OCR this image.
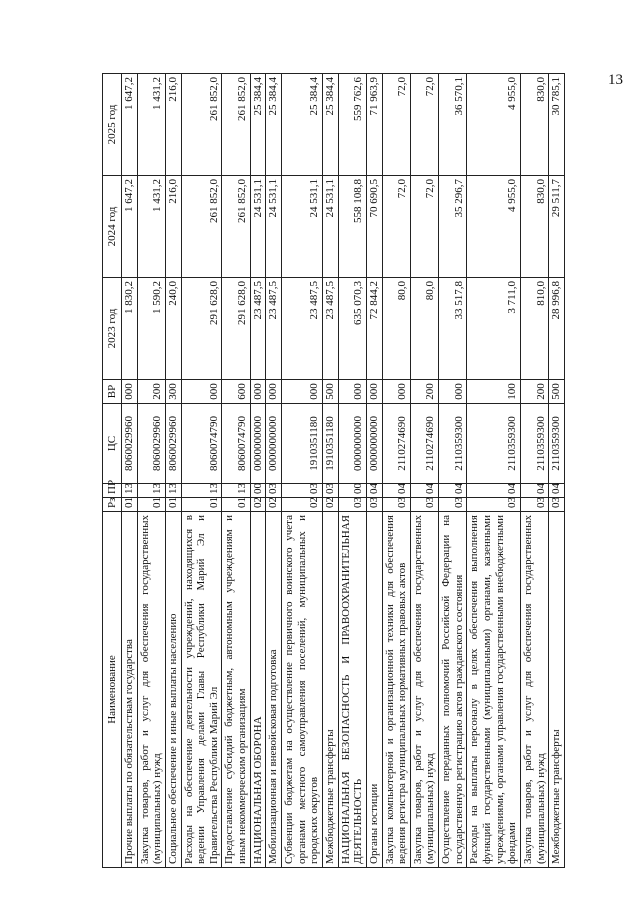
13
Наименование	Рз	ПР	ЦС	ВР	2023 год	2024 год	2025 год
Прочие выплаты по обязательствам государства	01	13	8060029960	000	1 830,2	1 647,2	1 647,2
Закупка товаров, работ и услуг для обеспечения государственных (муниципальных) нужд	01	13	8060029960	200	1 590,2	1 431,2	1 431,2
Социальное обеспечение и иные выплаты населению	01	13	8060029960	300	240,0	216,0	216,0
Расходы на обеспечение деятельности учреждений, находящихся в ведении Управления делами Главы Республики Марий Эл и Правительства Республики Марий Эл	01	13	8060074790	000	291 628,0	261 852,0	261 852,0
Предоставление субсидий бюджетным, автономным учреждениям и иным некоммерческим организациям	01	13	8060074790	600	291 628,0	261 852,0	261 852,0
НАЦИОНАЛЬНАЯ ОБОРОНА	02	00	0000000000	000	23 487,5	24 531,1	25 384,4
Мобилизационная и вневойсковая подготовка	02	03	0000000000	000	23 487,5	24 531,1	25 384,4
Субвенции бюджетам на осуществление первичного воинского учета органами местного самоуправления поселений, муниципальных и городских округов	02	03	1910351180	000	23 487,5	24 531,1	25 384,4
Межбюджетные трансферты	02	03	1910351180	500	23 487,5	24 531,1	25 384,4
НАЦИОНАЛЬНАЯ БЕЗОПАСНОСТЬ И ПРАВООХРАНИТЕЛЬНАЯ ДЕЯТЕЛЬНОСТЬ	03	00	0000000000	000	635 070,3	558 108,8	559 762,6
Органы юстиции	03	04	0000000000	000	72 844,2	70 690,5	71 963,9
Закупка компьютерной и организационной техники для обеспечения ведения регистра муниципальных нормативных правовых актов	03	04	2110274690	000	80,0	72,0	72,0
Закупка товаров, работ и услуг для обеспечения государственных (муниципальных) нужд	03	04	2110274690	200	80,0	72,0	72,0
Осуществление переданных полномочий Российской Федерации на государственную регистрацию актов гражданского состояния	03	04	2110359300	000	33 517,8	35 296,7	36 570,1
Расходы на выплаты персоналу в целях обеспечения выполнения функций государственными (муниципальными) органами, казенными учреждениями, органами управления государственными внебюджетными фондами	03	04	2110359300	100	3 711,0	4 955,0	4 955,0
Закупка товаров, работ и услуг для обеспечения государственных (муниципальных) нужд	03	04	2110359300	200	810,0	830,0	830,0
Межбюджетные трансферты	03	04	2110359300	500	28 996,8	29 511,7	30 785,1
